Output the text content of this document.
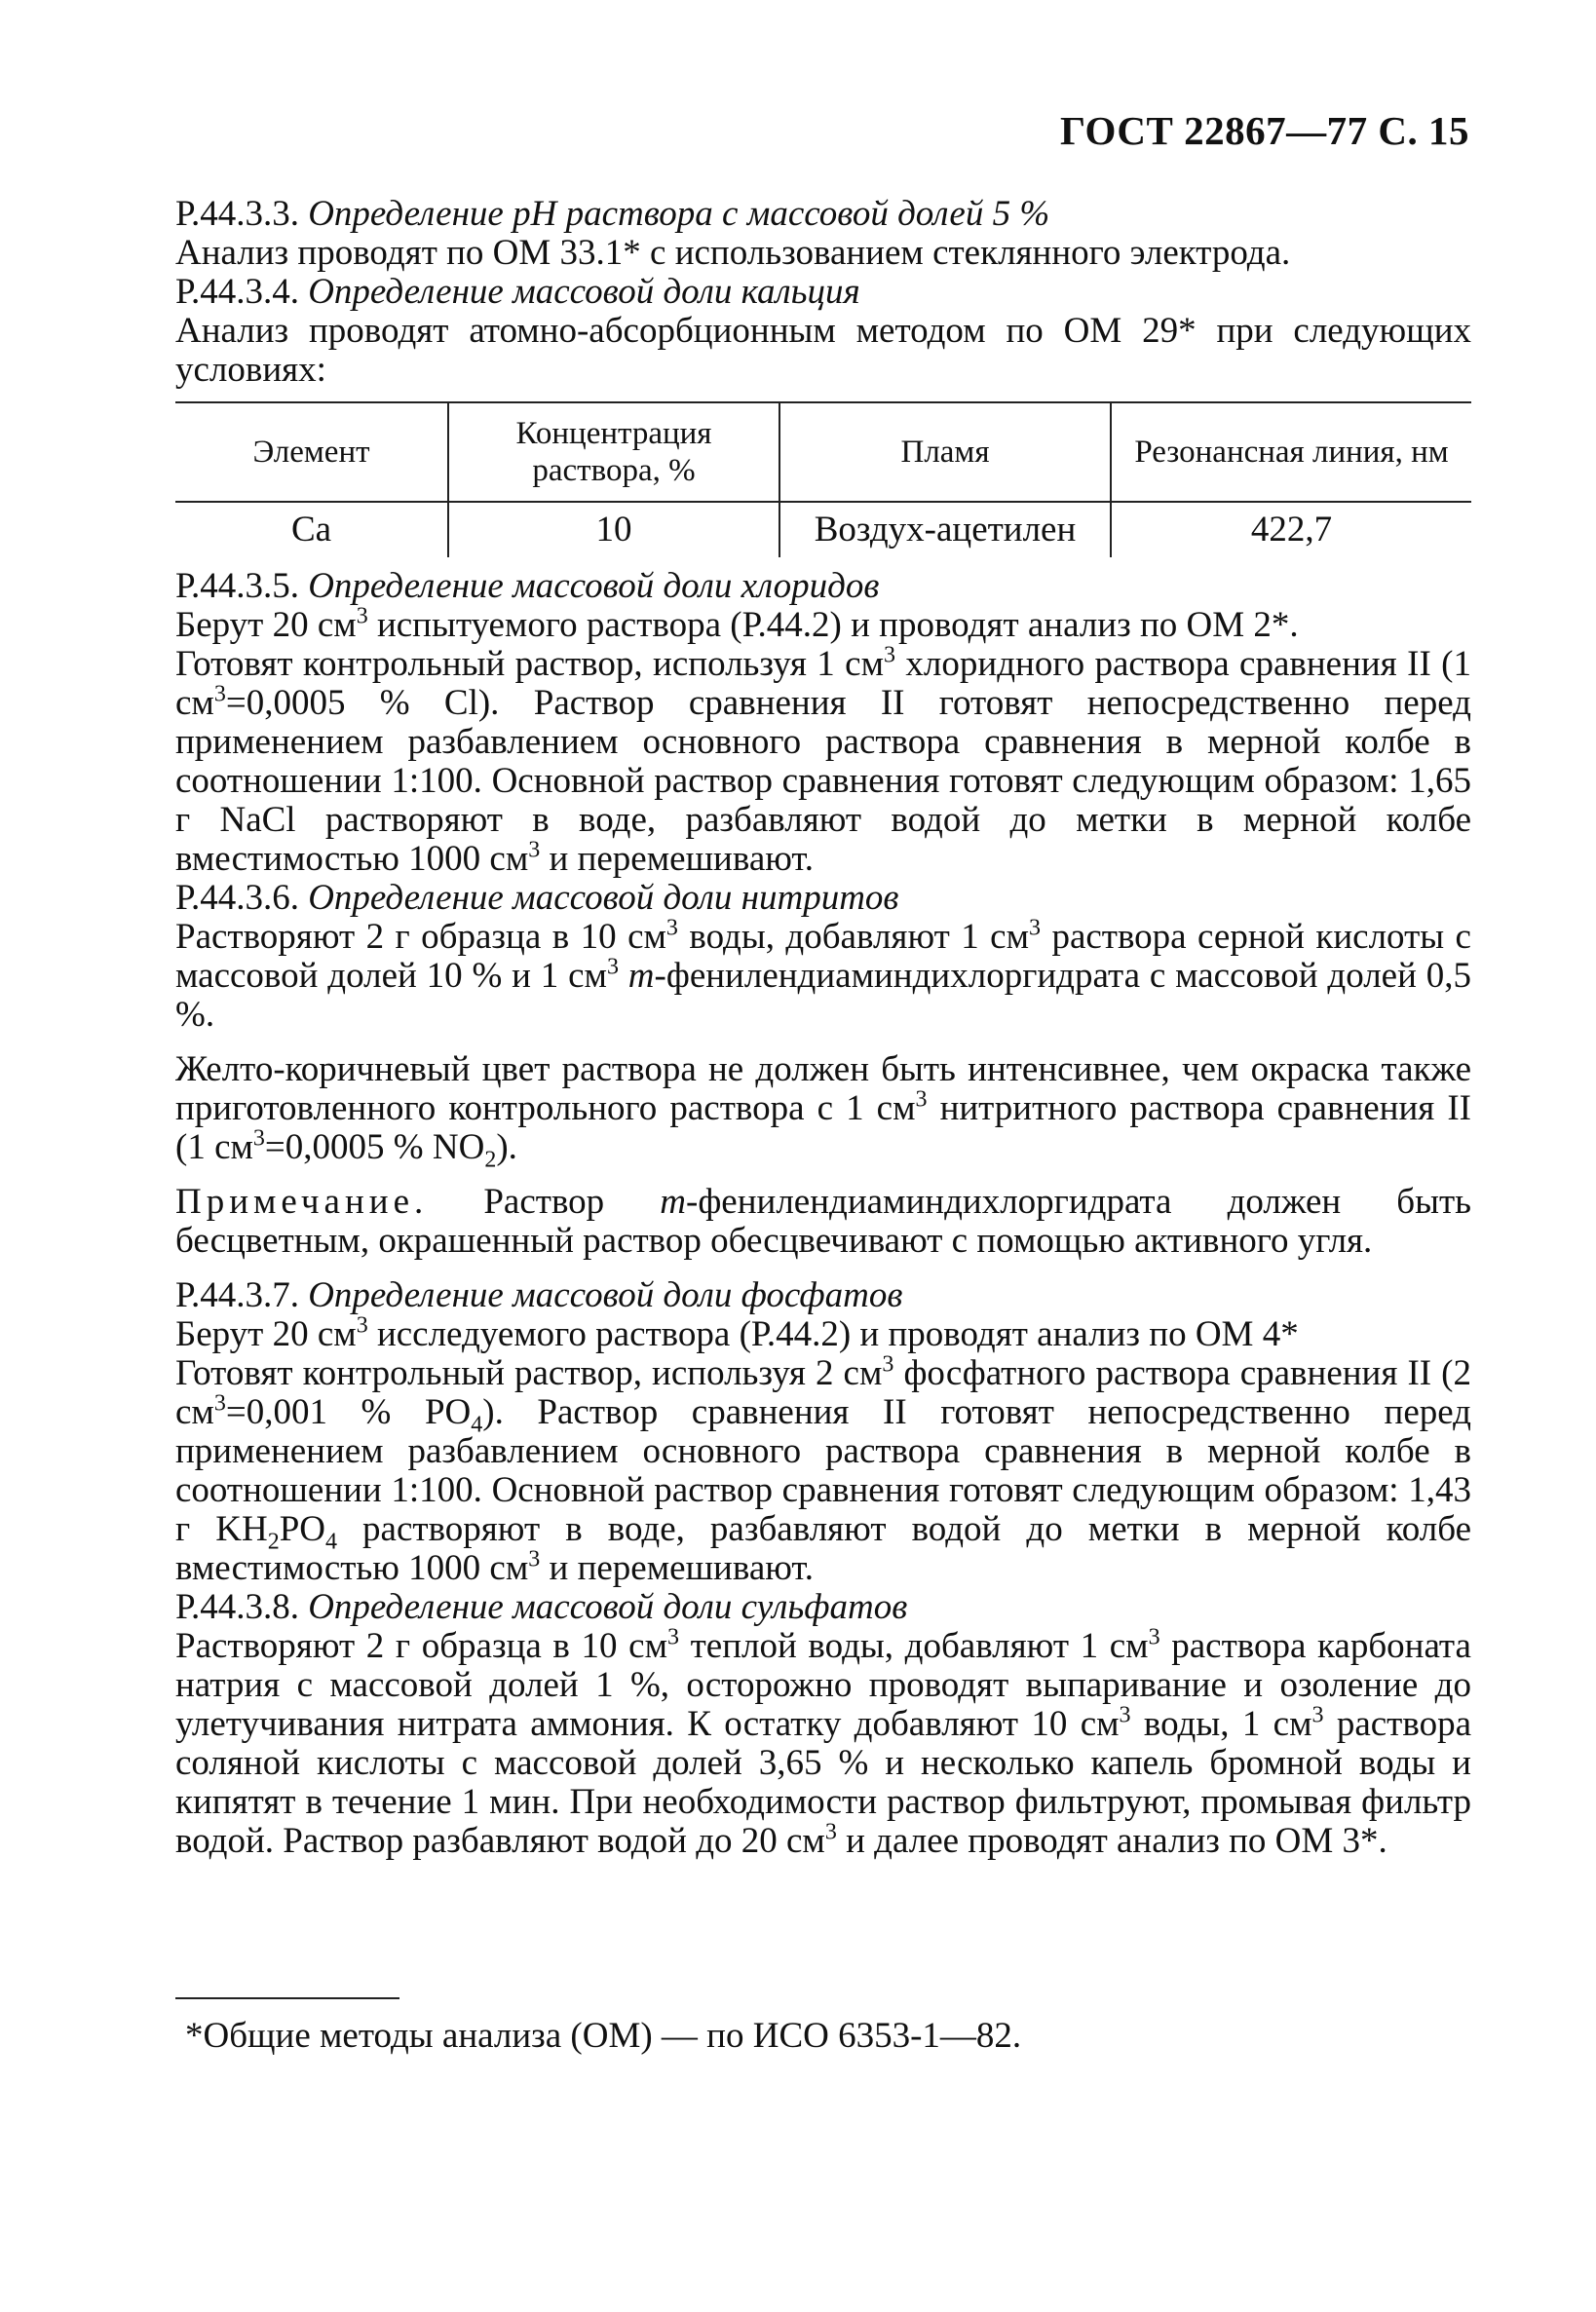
ГОСТ 22867—77 С. 15

Р.44.3.3. Определение pH раствора с массовой долей 5 %

Анализ проводят по ОМ 33.1* с использованием стеклянного электрода.

Р.44.3.4. Определение массовой доли кальция

Анализ проводят атомно-абсорбционным методом по ОМ 29* при следующих условиях:

Элемент	Концентрация раствора, %	Пламя	Резонансная линия, нм
Ca	10	Воздух-ацетилен	422,7

Р.44.3.5. Определение массовой доли хлоридов

Берут 20 $см^3$ испытуемого раствора (Р.44.2) и проводят анализ по ОМ 2*.

Готовят контрольный раствор, используя 1 $см^3$ хлоридного раствора сравнения II (1 $см^3=0,0005$ % Cl). Раствор сравнения II готовят непосредственно перед применением разбавлением основного раствора сравнения в мерной колбе в соотношении 1:100. Основной раствор сравнения готовят следующим образом: 1,65 г NaCl растворяют в воде, разбавляют водой до метки в мерной колбе вместимостью 1000 $см^3$ и перемешивают.

Р.44.3.6. Определение массовой доли нитритов

Растворяют 2 г образца в 10 $см^3$ воды, добавляют 1 $см^3$ раствора серной кислоты с массовой долей 10 % и 1 $см^3$ m-фенилендиаминдихлоргидрата с массовой долей 0,5 %.

Желто-коричневый цвет раствора не должен быть интенсивнее, чем окраска также приготовленного контрольного раствора с 1 $см^3$ нитритного раствора сравнения II (1 $см^3=0,0005$ % $NO_2$).

Примечание. Раствор m-фенилендиаминдихлоргидрата должен быть бесцветным, окрашенный раствор обесцвечивают с помощью активного угля.

Р.44.3.7. Определение массовой доли фосфатов

Берут 20 $см^3$ исследуемого раствора (Р.44.2) и проводят анализ по ОМ 4*

Готовят контрольный раствор, используя 2 $см^3$ фосфатного раствора сравнения II (2 $см^3=0,001$ % $PO_4$). Раствор сравнения II готовят непосредственно перед применением разбавлением основного раствора сравнения в мерной колбе в соотношении 1:100. Основной раствор сравнения готовят следующим образом: 1,43 г $KH_2PO_4$ растворяют в воде, разбавляют водой до метки в мерной колбе вместимостью 1000 $см^3$ и перемешивают.

Р.44.3.8. Определение массовой доли сульфатов

Растворяют 2 г образца в 10 $см^3$ теплой воды, добавляют 1 $см^3$ раствора карбоната натрия с массовой долей 1 %, осторожно проводят выпаривание и озоление до улетучивания нитрата аммония. К остатку добавляют 10 $см^3$ воды, 1 $см^3$ раствора соляной кислоты с массовой долей 3,65 % и несколько капель бромной воды и кипятят в течение 1 мин. При необходимости раствор фильтруют, промывая фильтр водой. Раствор разбавляют водой до 20 $см^3$ и далее проводят анализ по ОМ 3*.

*Общие методы анализа (ОМ) — по ИСО 6353-1—82.
